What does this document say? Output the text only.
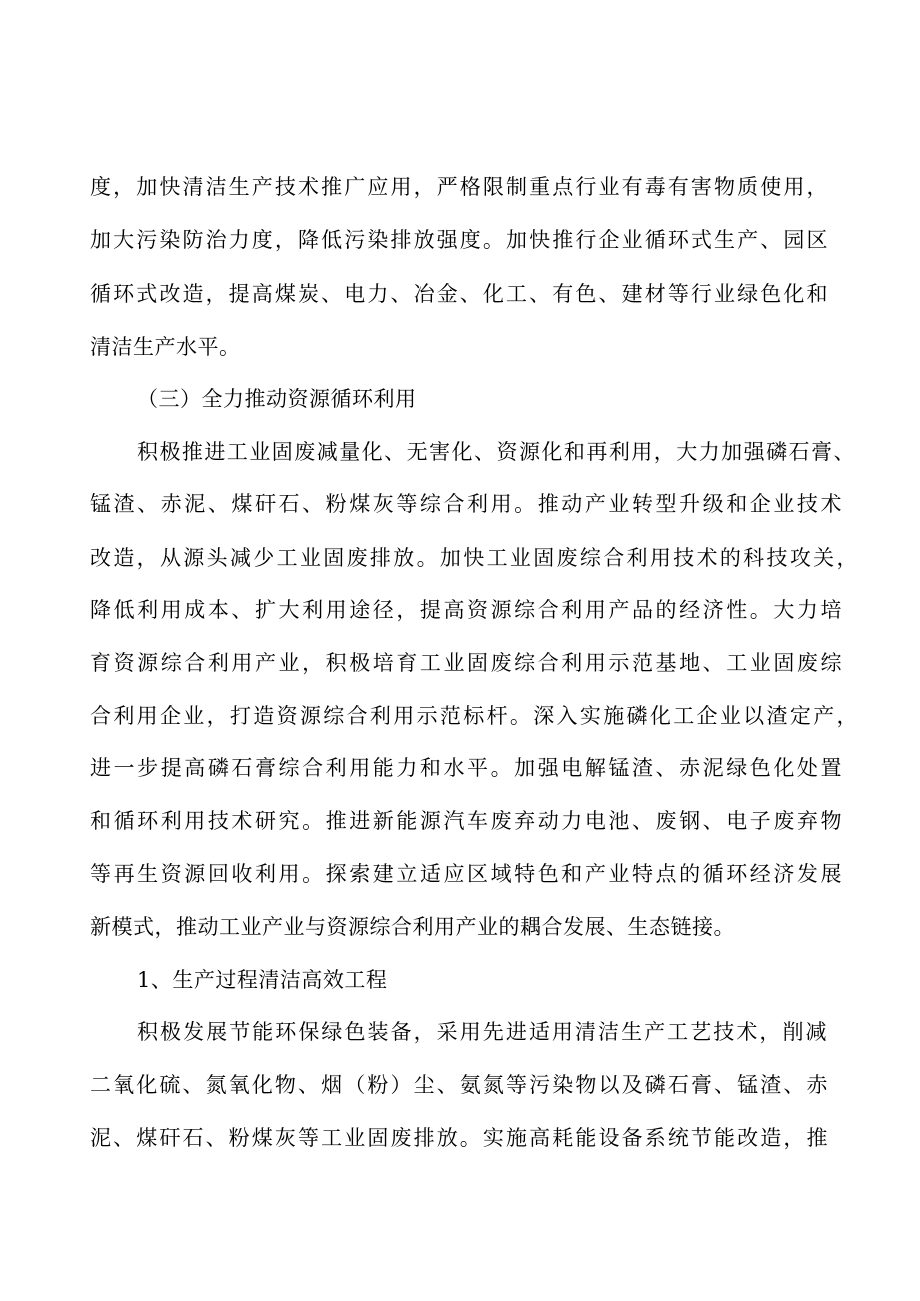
度，加快清洁生产技术推广应用，严格限制重点行业有毒有害物质使用，
加大污染防治力度，降低污染排放强度。加快推行企业循环式生产、园区
循环式改造，提高煤炭、电力、冶金、化工、有色、建材等行业绿色化和
清洁生产水平。
（三）全力推动资源循环利用
积极推进工业固废减量化、无害化、资源化和再利用，大力加强磷石膏、
锰渣、赤泥、煤矸石、粉煤灰等综合利用。推动产业转型升级和企业技术
改造，从源头减少工业固废排放。加快工业固废综合利用技术的科技攻关，
降低利用成本、扩大利用途径，提高资源综合利用产品的经济性。大力培
育资源综合利用产业，积极培育工业固废综合利用示范基地、工业固废综
合利用企业，打造资源综合利用示范标杆。深入实施磷化工企业以渣定产，
进一步提高磷石膏综合利用能力和水平。加强电解锰渣、赤泥绿色化处置
和循环利用技术研究。推进新能源汽车废弃动力电池、废钢、电子废弃物
等再生资源回收利用。探索建立适应区域特色和产业特点的循环经济发展
新模式，推动工业产业与资源综合利用产业的耦合发展、生态链接。
1、生产过程清洁高效工程
积极发展节能环保绿色装备，采用先进适用清洁生产工艺技术，削减
二氧化硫、氮氧化物、烟（粉）尘、氨氮等污染物以及磷石膏、锰渣、赤
泥、煤矸石、粉煤灰等工业固废排放。实施高耗能设备系统节能改造，推
